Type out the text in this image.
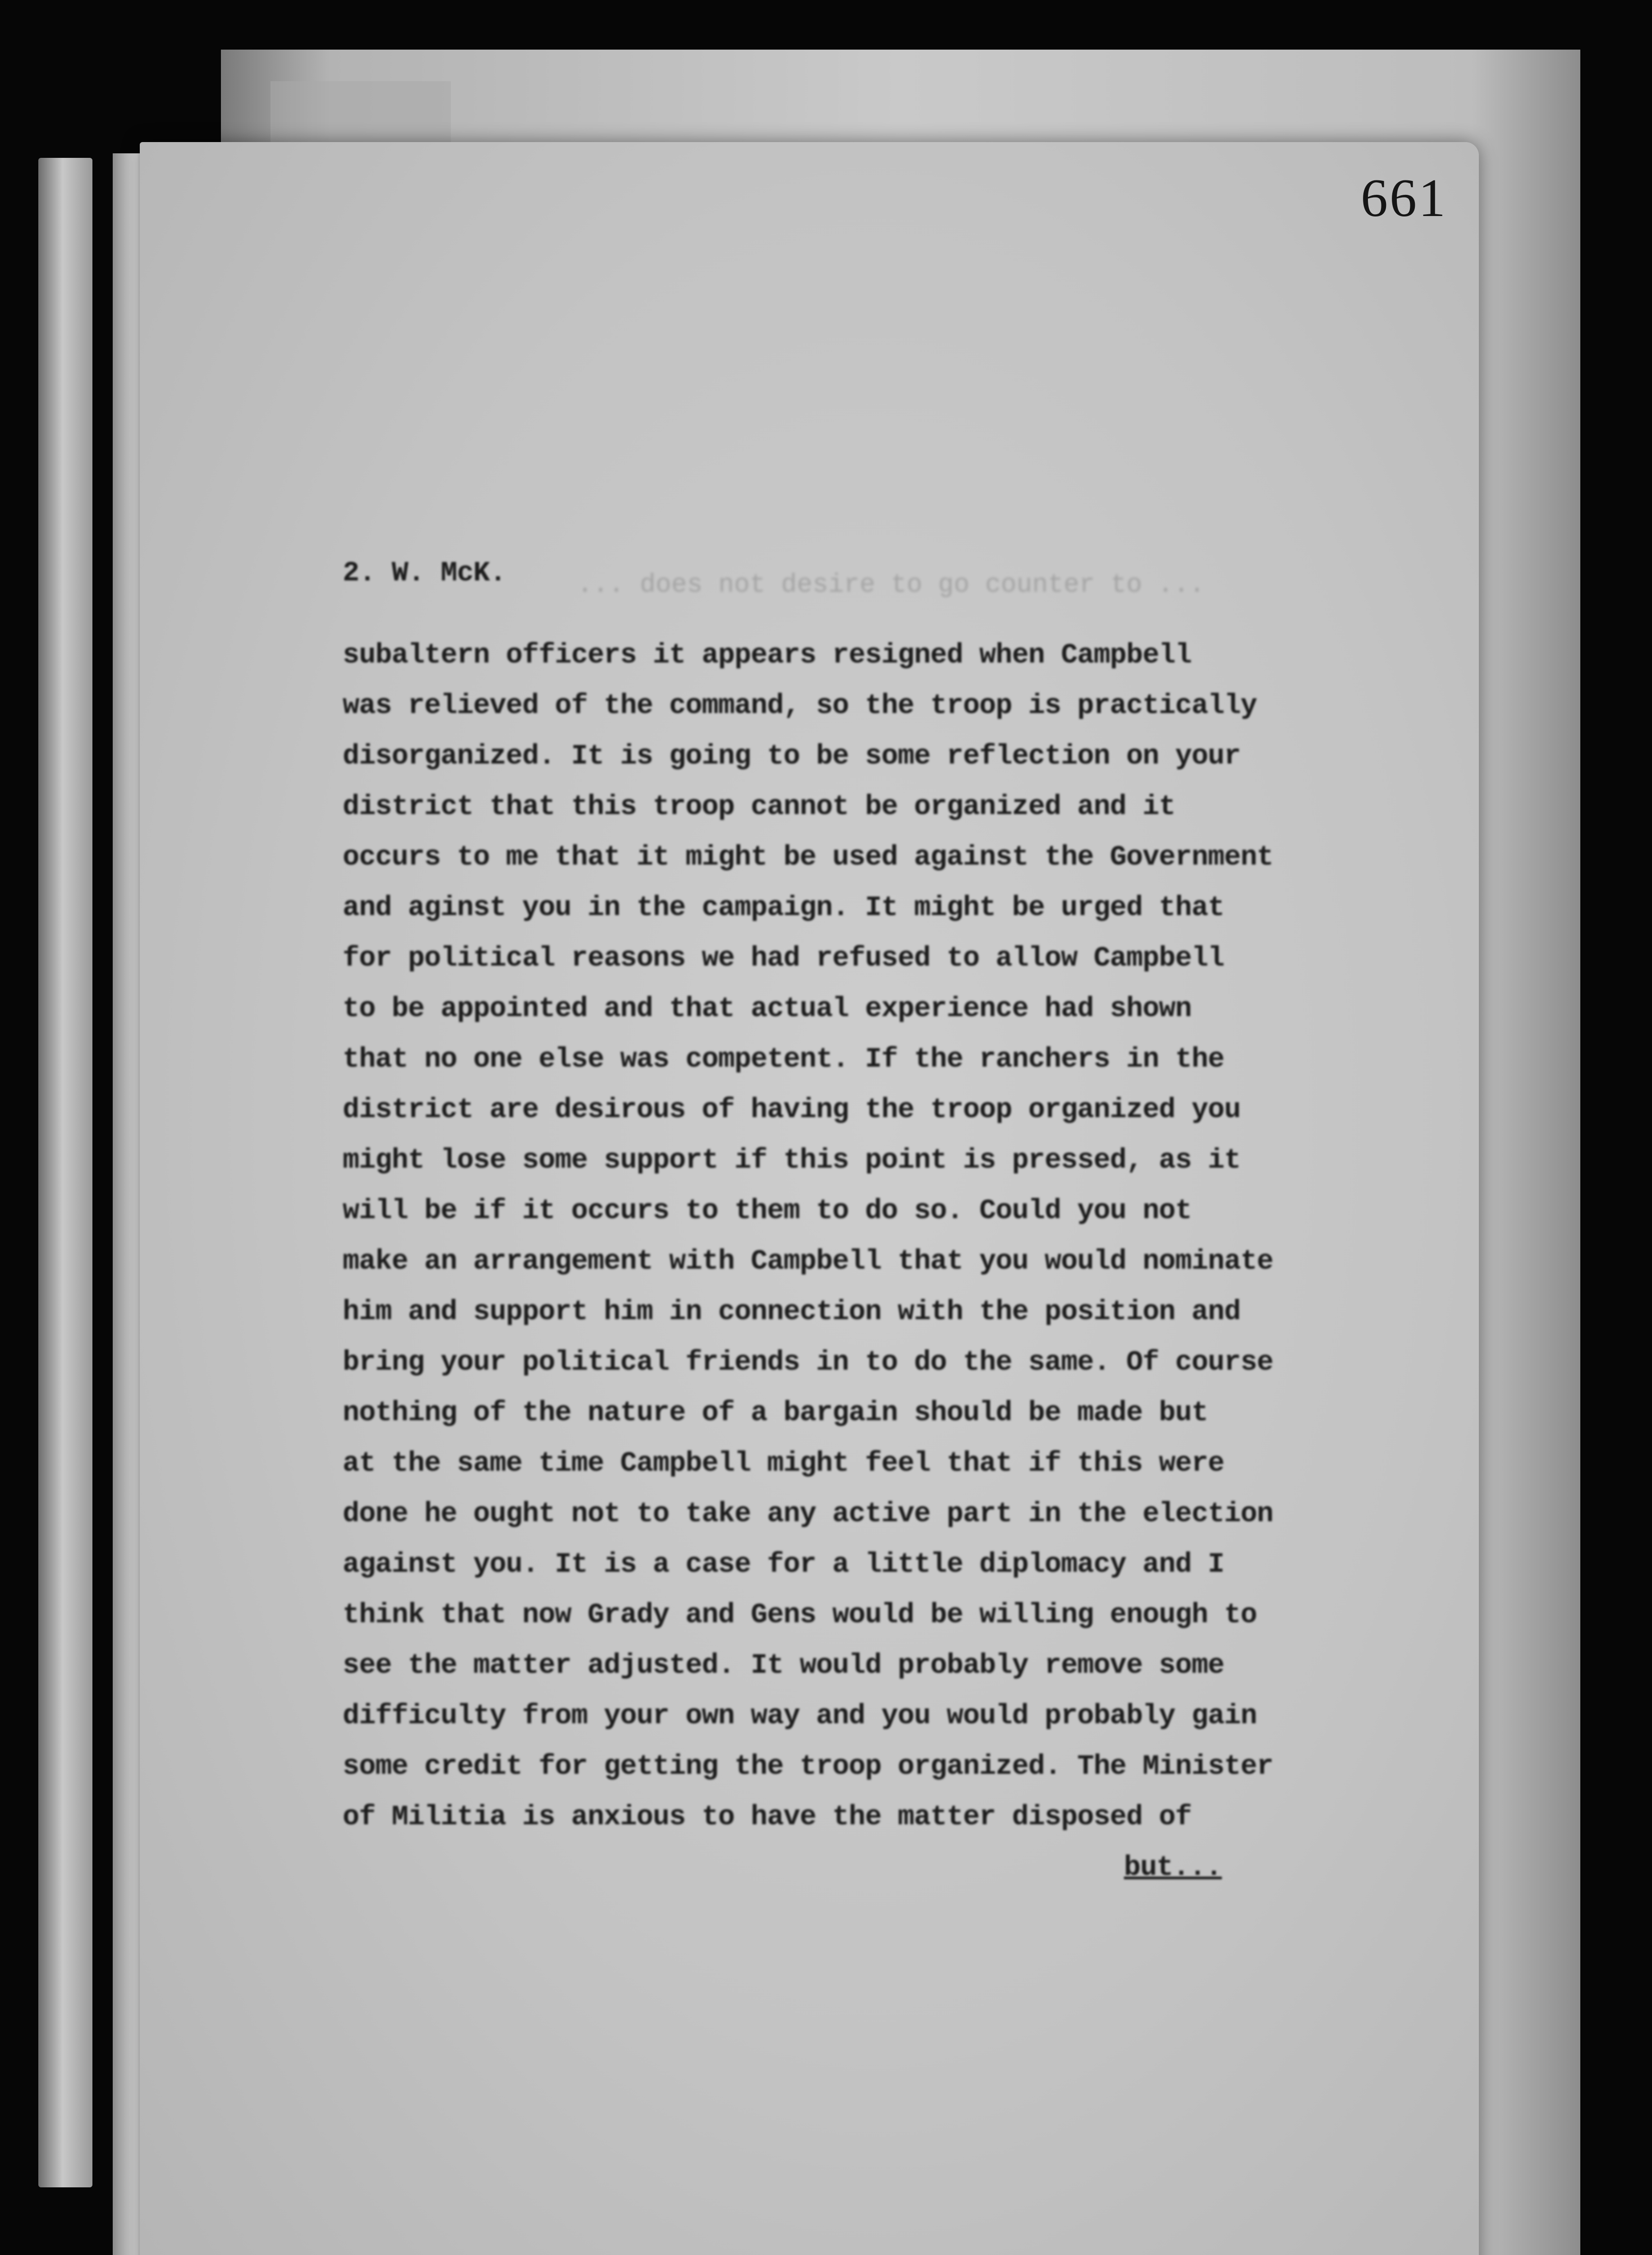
661
... does not desire to go counter to ...
2. W. McK.
subaltern officers it appears resigned when Campbell
was relieved of the command, so the troop is practically
disorganized. It is going to be some reflection on your
district that this troop cannot be organized and it
occurs to me that it might be used against the Government
and aginst you in the campaign. It might be urged that
for political reasons we had refused to allow Campbell
to be appointed and that actual experience had shown
that no one else was competent. If the ranchers in the
district are desirous of having the troop organized you
might lose some support if this point is pressed, as it
will be if it occurs to them to do so. Could you not
make an arrangement with Campbell that you would nominate
him and support him in connection with the position and
bring your political friends in to do the same. Of course
nothing of the nature of a bargain should be made but
at the same time Campbell might feel that if this were
done he ought not to take any active part in the election
against you. It is a case for a little diplomacy and I
think that now Grady and Gens would be willing enough to
see the matter adjusted. It would probably remove some
difficulty from your own way and you would probably gain
some credit for getting the troop organized. The Minister
of Militia is anxious to have the matter disposed of
but...
